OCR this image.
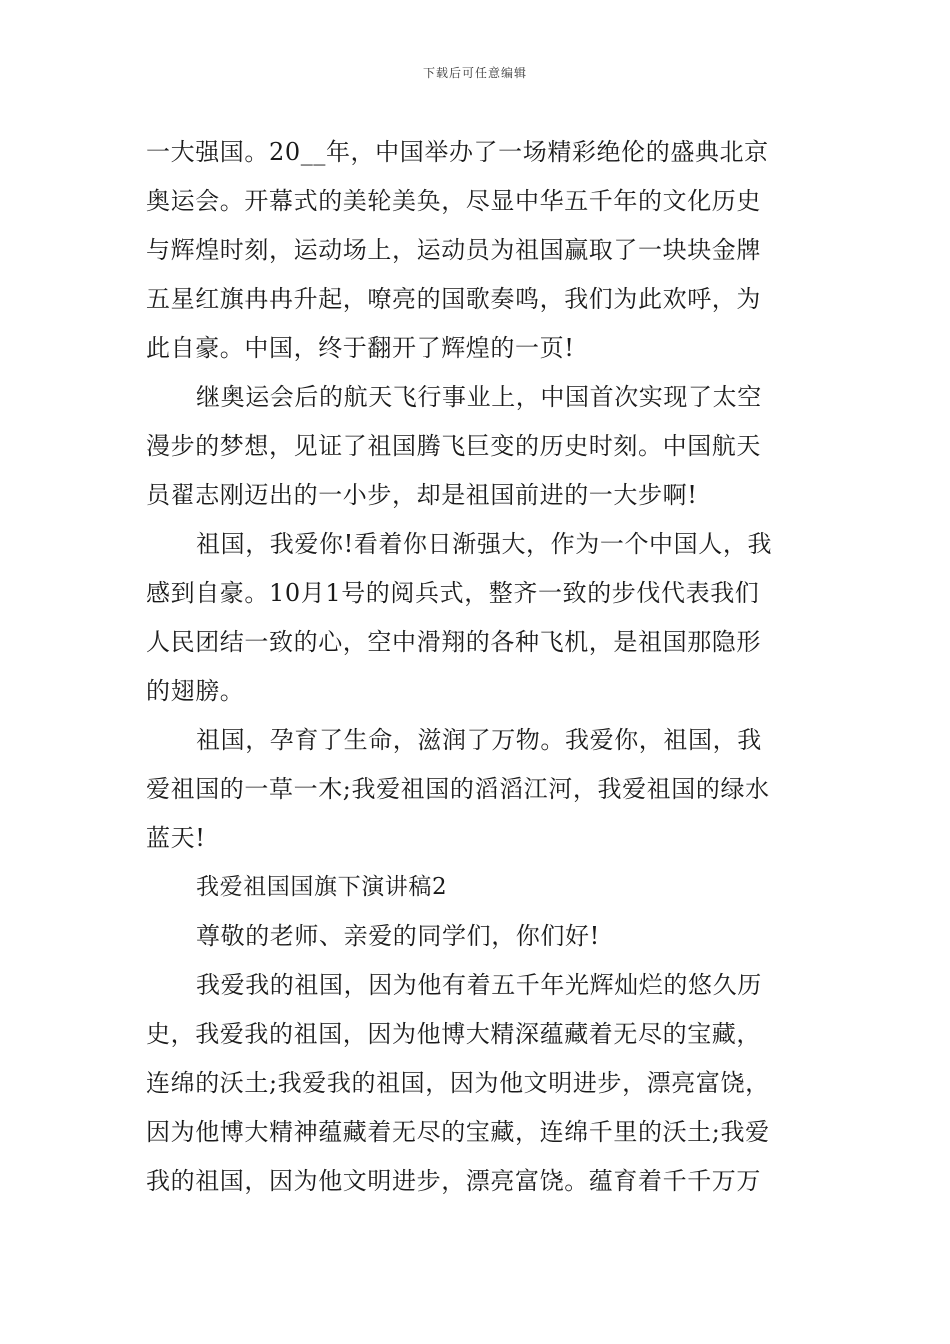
下载后可任意编辑
一大强国。20__年，中国举办了一场精彩绝伦的盛典北京
奥运会。开幕式的美轮美奂，尽显中华五千年的文化历史
与辉煌时刻，运动场上，运动员为祖国赢取了一块块金牌
五星红旗冉冉升起，嘹亮的国歌奏鸣，我们为此欢呼，为
此自豪。中国，终于翻开了辉煌的一页!
继奥运会后的航天飞行事业上，中国首次实现了太空
漫步的梦想，见证了祖国腾飞巨变的历史时刻。中国航天
员翟志刚迈出的一小步，却是祖国前进的一大步啊!
祖国，我爱你!看着你日渐强大，作为一个中国人，我
感到自豪。10月1号的阅兵式，整齐一致的步伐代表我们
人民团结一致的心，空中滑翔的各种飞机，是祖国那隐形
的翅膀。
祖国，孕育了生命，滋润了万物。我爱你，祖国，我
爱祖国的一草一木;我爱祖国的滔滔江河，我爱祖国的绿水
蓝天!
我爱祖国国旗下演讲稿2
尊敬的老师、亲爱的同学们，你们好!
我爱我的祖国，因为他有着五千年光辉灿烂的悠久历
史，我爱我的祖国，因为他博大精深蕴藏着无尽的宝藏，
连绵的沃土;我爱我的祖国，因为他文明进步，漂亮富饶，
因为他博大精神蕴藏着无尽的宝藏，连绵千里的沃土;我爱
我的祖国，因为他文明进步，漂亮富饶。蕴育着千千万万
